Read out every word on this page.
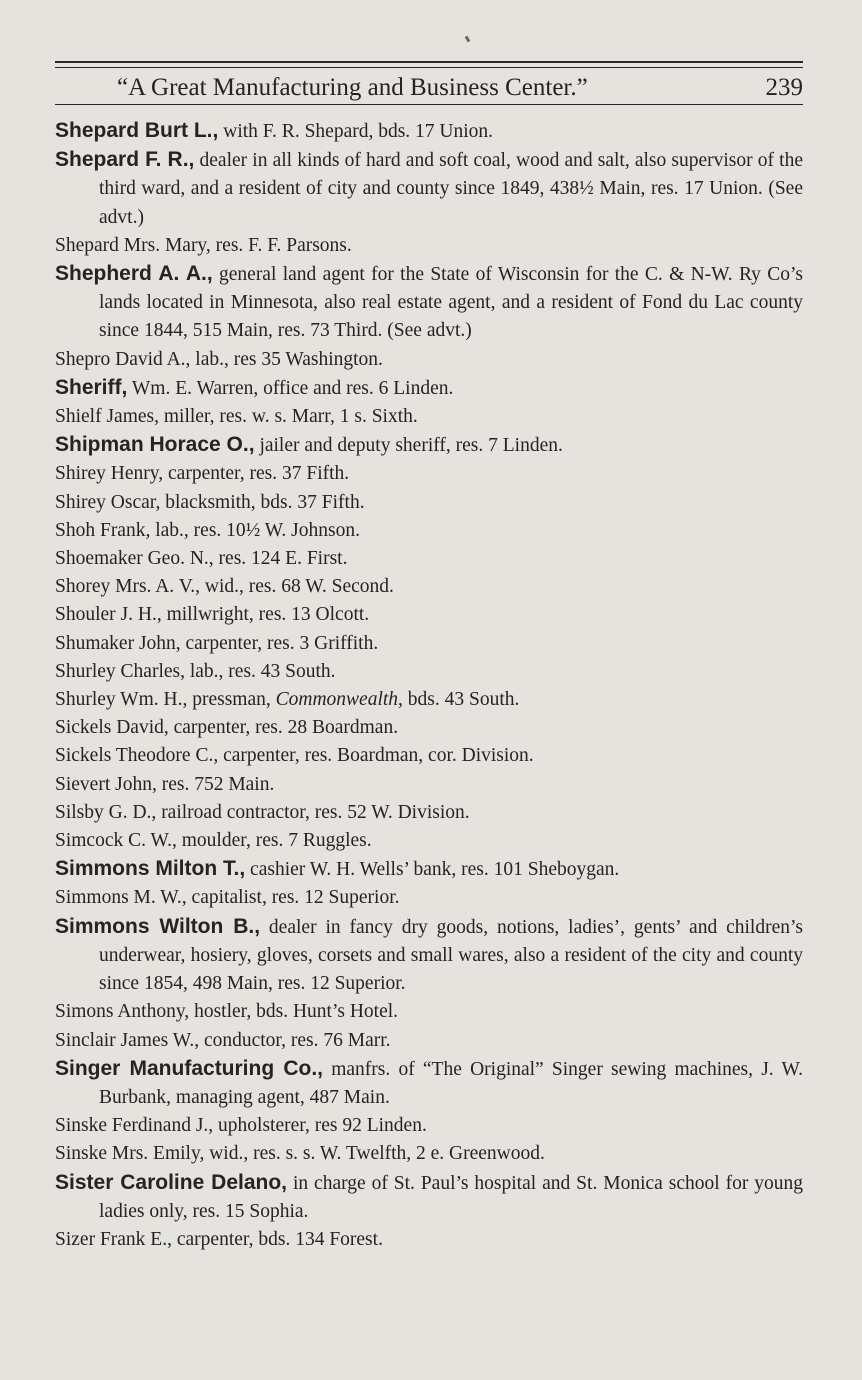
“A Great Manufacturing and Business Center.”	239

Shepard Burt L., with F. R. Shepard, bds. 17 Union.

Shepard F. R., dealer in all kinds of hard and soft coal, wood and salt, also supervisor of the third ward, and a resident of city and county since 1849, 438½ Main, res. 17 Union. (See advt.)

Shepard Mrs. Mary, res. F. F. Parsons.

Shepherd A. A., general land agent for the State of Wisconsin for the C. & N-W. Ry Co’s lands located in Minnesota, also real estate agent, and a resident of Fond du Lac county since 1844, 515 Main, res. 73 Third. (See advt.)

Shepro David A., lab., res 35 Washington.

Sheriff, Wm. E. Warren, office and res. 6 Linden.

Shielf James, miller, res. w. s. Marr, 1 s. Sixth.

Shipman Horace O., jailer and deputy sheriff, res. 7 Linden.

Shirey Henry, carpenter, res. 37 Fifth.

Shirey Oscar, blacksmith, bds. 37 Fifth.

Shoh Frank, lab., res. 10½ W. Johnson.

Shoemaker Geo. N., res. 124 E. First.

Shorey Mrs. A. V., wid., res. 68 W. Second.

Shouler J. H., millwright, res. 13 Olcott.

Shumaker John, carpenter, res. 3 Griffith.

Shurley Charles, lab., res. 43 South.

Shurley Wm. H., pressman, Commonwealth, bds. 43 South.

Sickels David, carpenter, res. 28 Boardman.

Sickels Theodore C., carpenter, res. Boardman, cor. Division.

Sievert John, res. 752 Main.

Silsby G. D., railroad contractor, res. 52 W. Division.

Simcock C. W., moulder, res. 7 Ruggles.

Simmons Milton T., cashier W. H. Wells’ bank, res. 101 Sheboygan.

Simmons M. W., capitalist, res. 12 Superior.

Simmons Wilton B., dealer in fancy dry goods, notions, ladies’, gents’ and children’s underwear, hosiery, gloves, corsets and small wares, also a resident of the city and county since 1854, 498 Main, res. 12 Superior.

Simons Anthony, hostler, bds. Hunt’s Hotel.

Sinclair James W., conductor, res. 76 Marr.

Singer Manufacturing Co., manfrs. of “The Original” Singer sewing machines, J. W. Burbank, managing agent, 487 Main.

Sinske Ferdinand J., upholsterer, res 92 Linden.

Sinske Mrs. Emily, wid., res. s. s. W. Twelfth, 2 e. Greenwood.

Sister Caroline Delano, in charge of St. Paul’s hospital and St. Monica school for young ladies only, res. 15 Sophia.

Sizer Frank E., carpenter, bds. 134 Forest.
